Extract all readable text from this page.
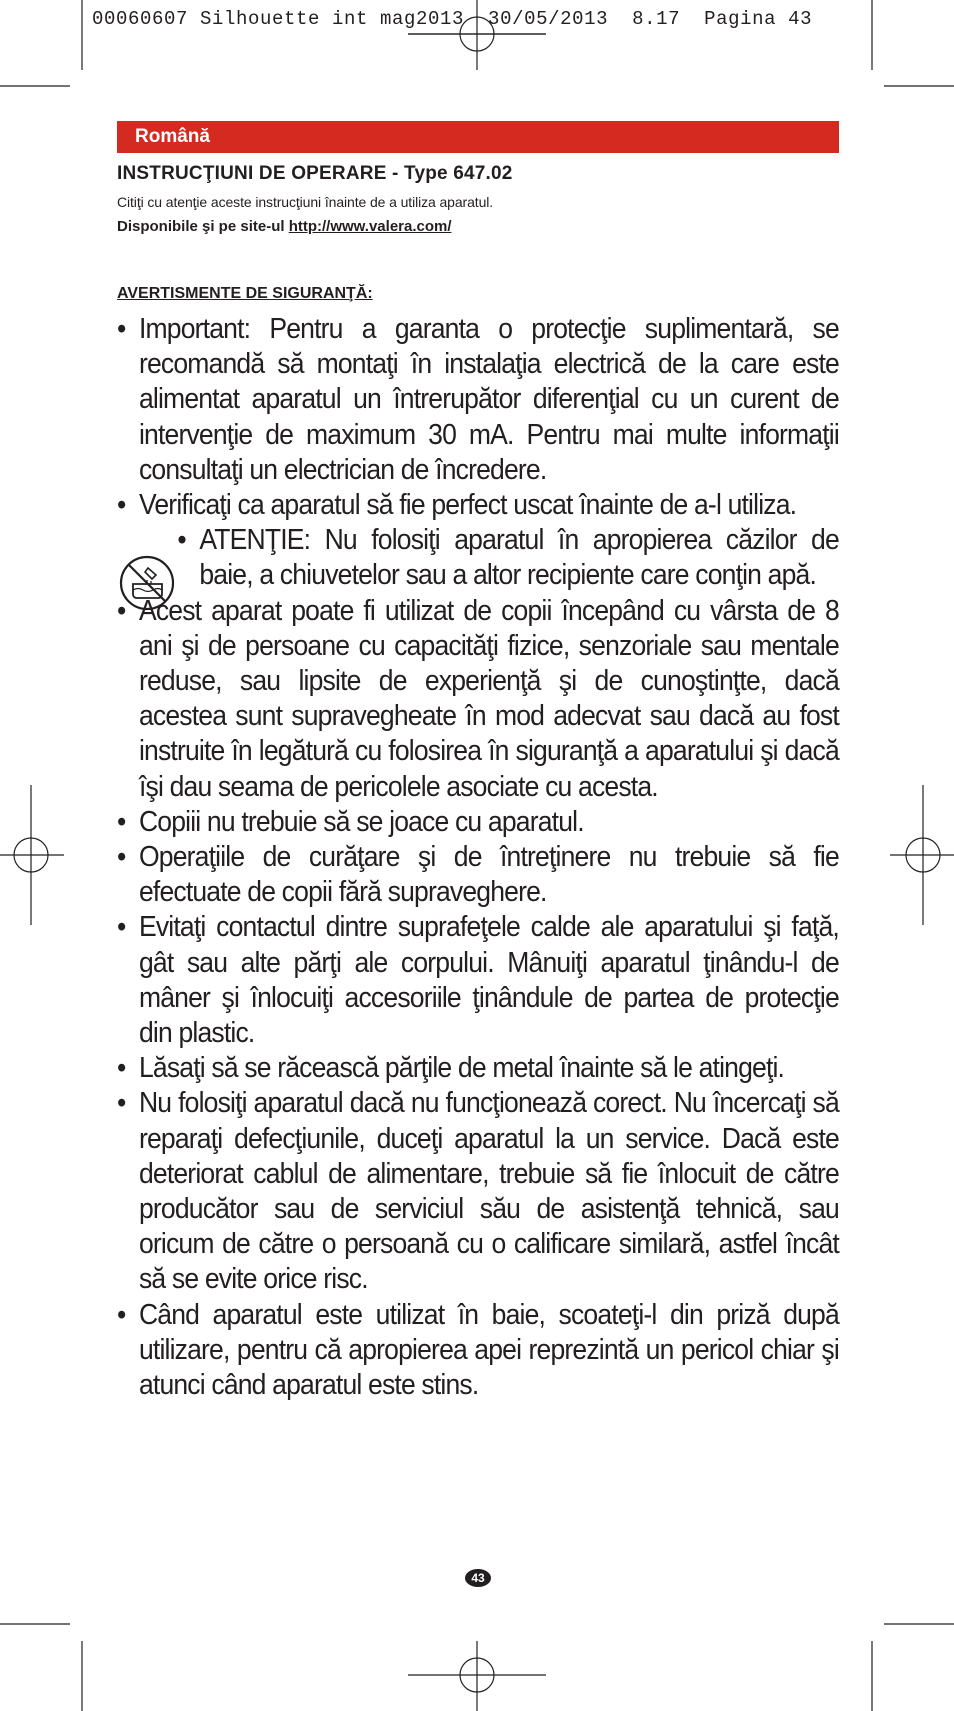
00060607 Silhouette int mag2013  30/05/2013  8.17  Pagina 43
Română
INSTRUCŢIUNI DE OPERARE - Type 647.02
Citiţi cu atenţie aceste instrucţiuni înainte de a utiliza aparatul.
Disponibile şi pe site-ul http://www.valera.com/
AVERTISMENTE DE SIGURANŢĂ:
• Important: Pentru a garanta o protecţie suplimentară, se recomandă să montaţi în instalaţia electrică de la care este alimentat aparatul un întrerupător diferenţial cu un curent de intervenţie de maximum 30 mA. Pentru mai multe informaţii consultaţi un electrician de încredere.
• Verificaţi ca aparatul să fie perfect uscat înainte de a-l utiliza.
• ATENŢIE: Nu folosiţi aparatul în apropierea căzilor de baie, a chiuvetelor sau a altor recipiente care conţin apă.
• Acest aparat poate fi utilizat de copii începând cu vârsta de 8 ani şi de persoane cu capacităţi fizice, senzoriale sau mentale reduse, sau lipsite de experienţă şi de cunoştinţte, dacă acestea sunt supravegheate în mod adecvat sau dacă au fost instruite în legătură cu folosirea în siguranţă a aparatului şi dacă îşi dau seama de pericolele asociate cu acesta.
• Copiii nu trebuie să se joace cu aparatul.
• Operaţiile de curăţare şi de întreţinere nu trebuie să fie efectuate de copii fără supraveghere.
• Evitaţi contactul dintre suprafeţele calde ale aparatului şi faţă, gât sau alte părţi ale corpului. Mânuiţi aparatul ţinându-l de mâner şi înlocuiţi accesoriile ţinândule de partea de protecţie din plastic.
• Lăsaţi să se răcească părţile de metal înainte să le atingeţi.
• Nu folosiţi aparatul dacă nu funcţionează corect. Nu încercaţi să reparaţi defecţiunile, duceţi aparatul la un service. Dacă este deteriorat cablul de alimentare, trebuie să fie înlocuit de către producător sau de serviciul său de asistenţă tehnică, sau oricum de către o persoană cu o calificare similară, astfel încât să se evite orice risc.
• Când aparatul este utilizat în baie, scoateţi-l din priză după utilizare, pentru că apropierea apei reprezintă un pericol chiar şi atunci când aparatul este stins.
43
